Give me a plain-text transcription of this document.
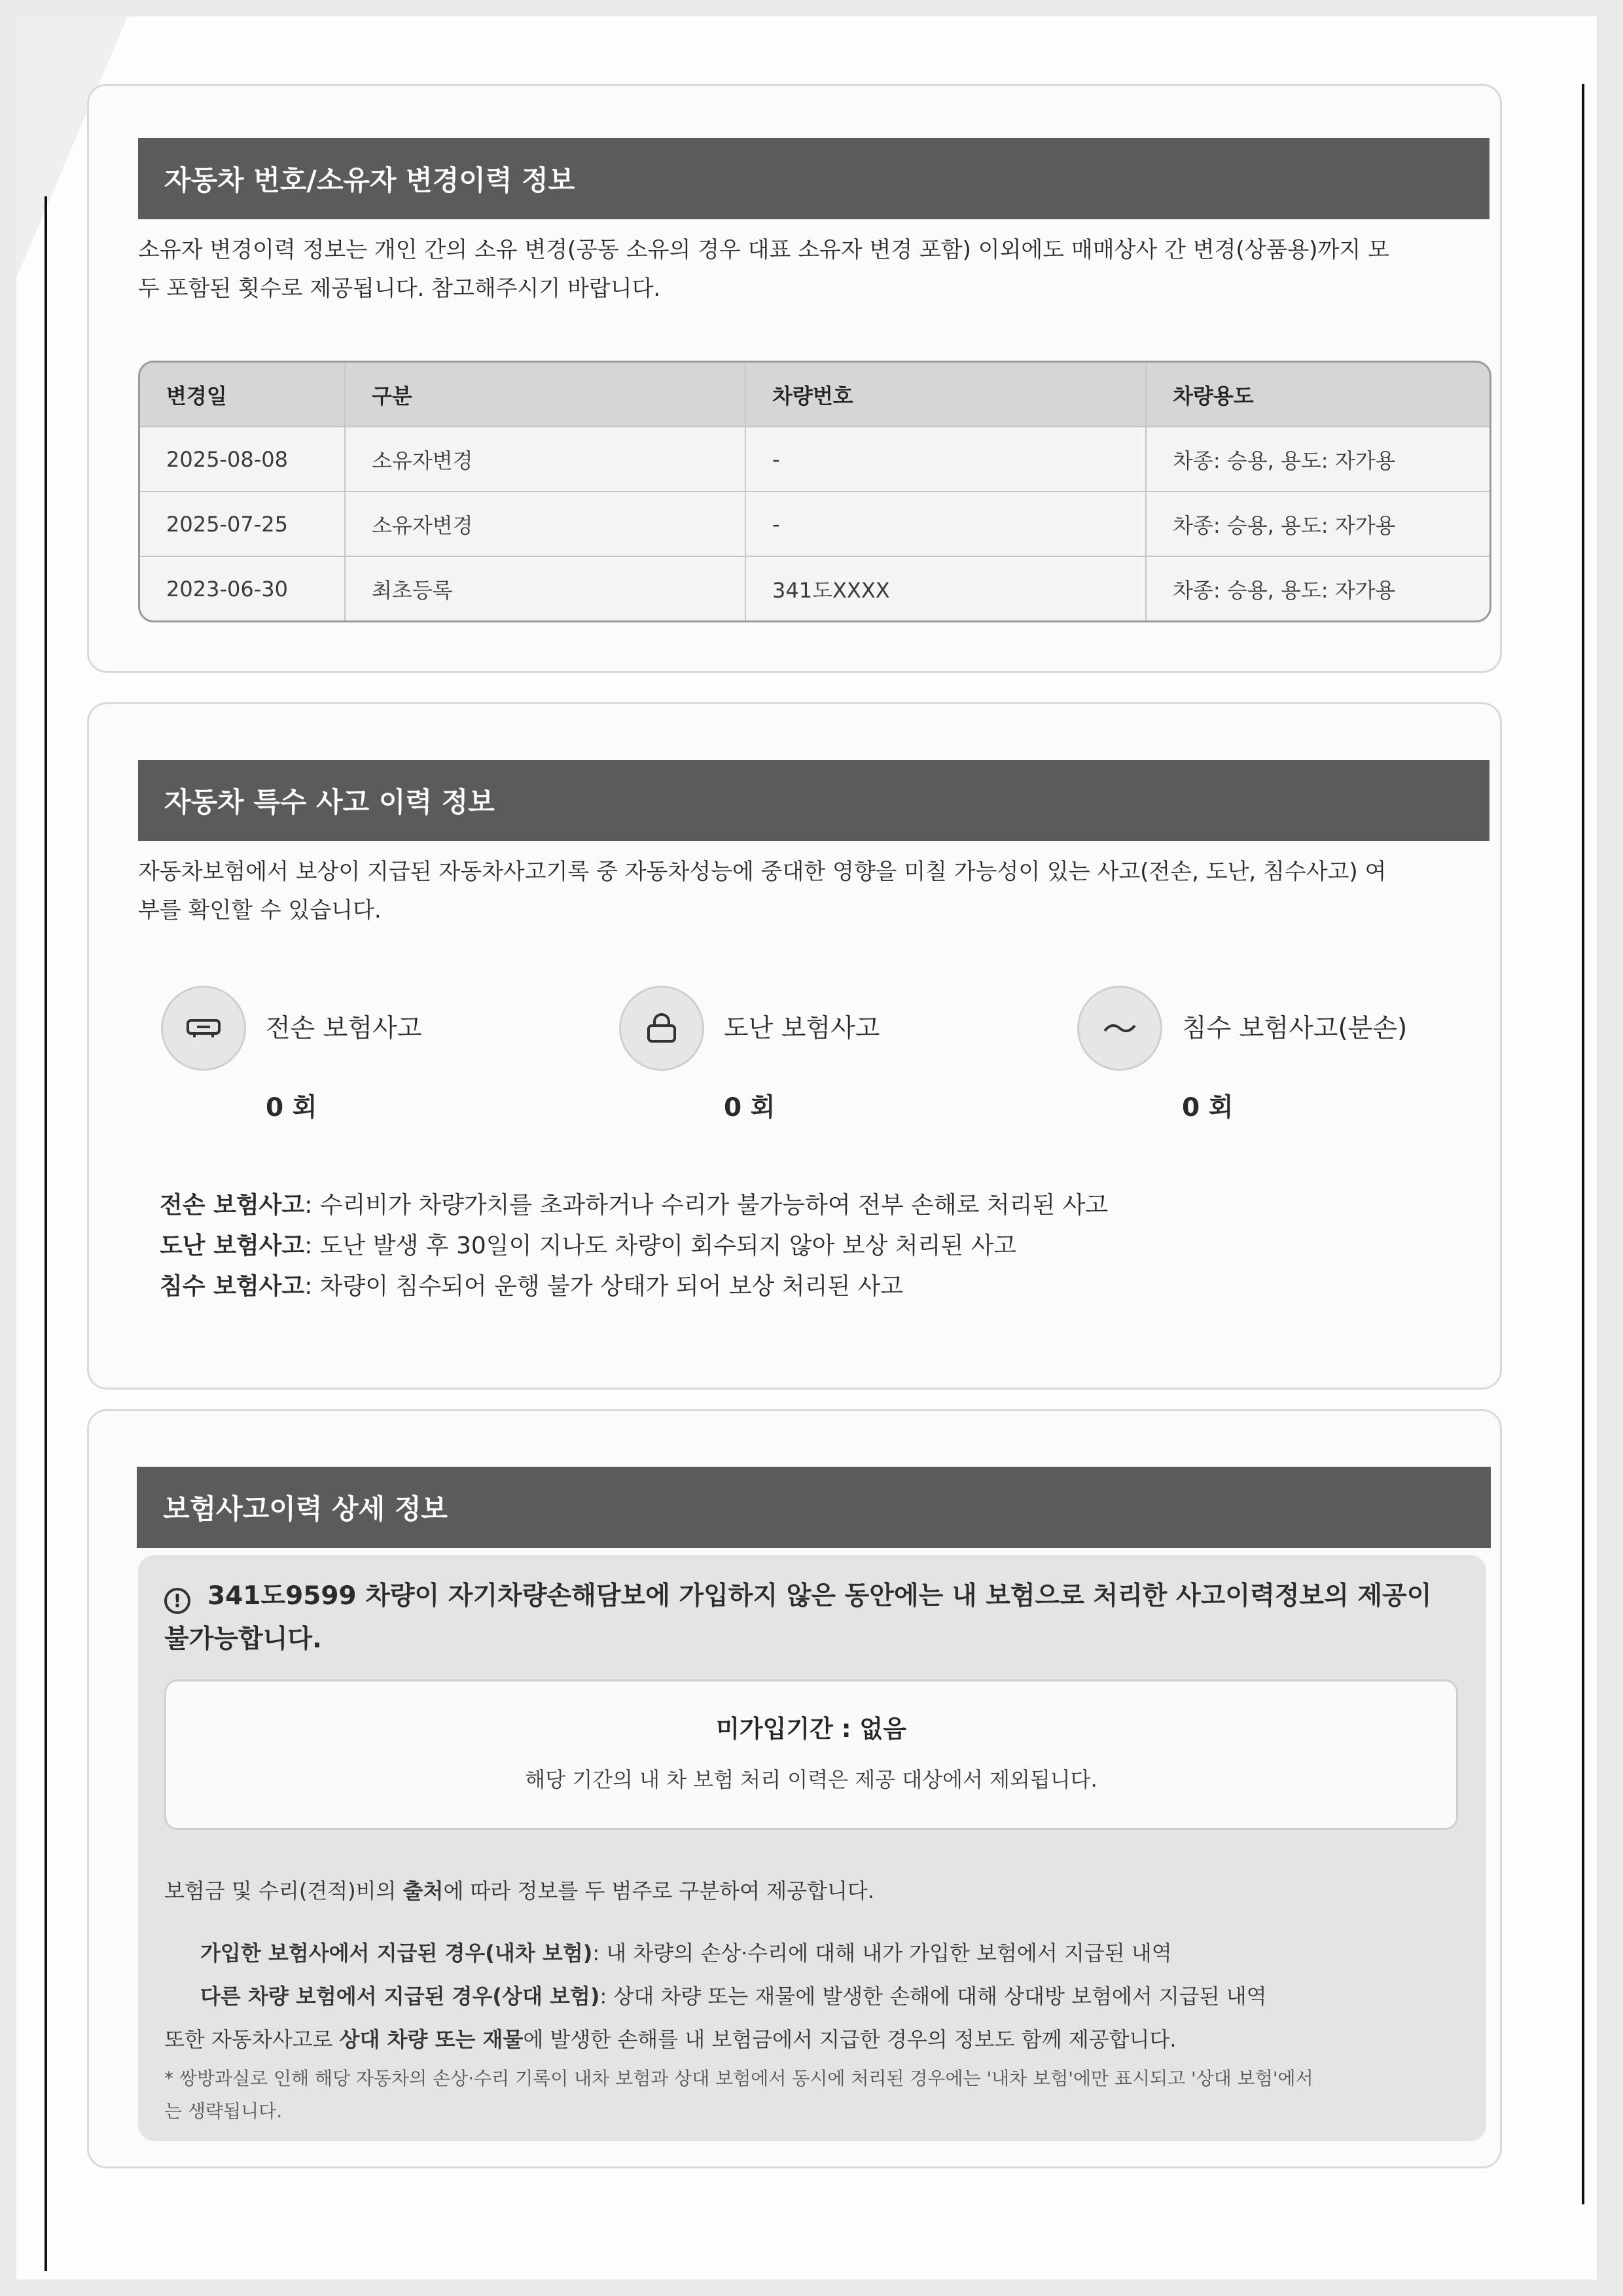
자동차 번호/소유자 변경이력 정보
소유자 변경이력 정보는 개인 간의 소유 변경(공동 소유의 경우 대표 소유자 변경 포함) 이외에도 매매상사 간 변경(상품용)까지 모
두 포함된 횟수로 제공됩니다. 참고해주시기 바랍니다.
변경일	구분	차량번호	차량용도
2025-08-08	소유자변경	-	차종: 승용, 용도: 자가용
2025-07-25	소유자변경	-	차종: 승용, 용도: 자가용
2023-06-30	최초등록	341도XXXX	차종: 승용, 용도: 자가용
자동차 특수 사고 이력 정보
자동차보험에서 보상이 지급된 자동차사고기록 중 자동차성능에 중대한 영향을 미칠 가능성이 있는 사고(전손, 도난, 침수사고) 여
부를 확인할 수 있습니다.
전손 보험사고
0 회
도난 보험사고
0 회
침수 보험사고(분손)
0 회
전손 보험사고: 수리비가 차량가치를 초과하거나 수리가 불가능하여 전부 손해로 처리된 사고
도난 보험사고: 도난 발생 후 30일이 지나도 차량이 회수되지 않아 보상 처리된 사고
침수 보험사고: 차량이 침수되어 운행 불가 상태가 되어 보상 처리된 사고
보험사고이력 상세 정보
! 341도9599 차량이 자기차량손해담보에 가입하지 않은 동안에는 내 보험으로 처리한 사고이력정보의 제공이
불가능합니다.
미가입기간 : 없음
해당 기간의 내 차 보험 처리 이력은 제공 대상에서 제외됩니다.
보험금 및 수리(견적)비의 출처에 따라 정보를 두 범주로 구분하여 제공합니다.
가입한 보험사에서 지급된 경우(내차 보험): 내 차량의 손상·수리에 대해 내가 가입한 보험에서 지급된 내역
다른 차량 보험에서 지급된 경우(상대 보험): 상대 차량 또는 재물에 발생한 손해에 대해 상대방 보험에서 지급된 내역
또한 자동차사고로 상대 차량 또는 재물에 발생한 손해를 내 보험금에서 지급한 경우의 정보도 함께 제공합니다.
* 쌍방과실로 인해 해당 자동차의 손상·수리 기록이 내차 보험과 상대 보험에서 동시에 처리된 경우에는 '내차 보험'에만 표시되고 '상대 보험'에서
는 생략됩니다.
